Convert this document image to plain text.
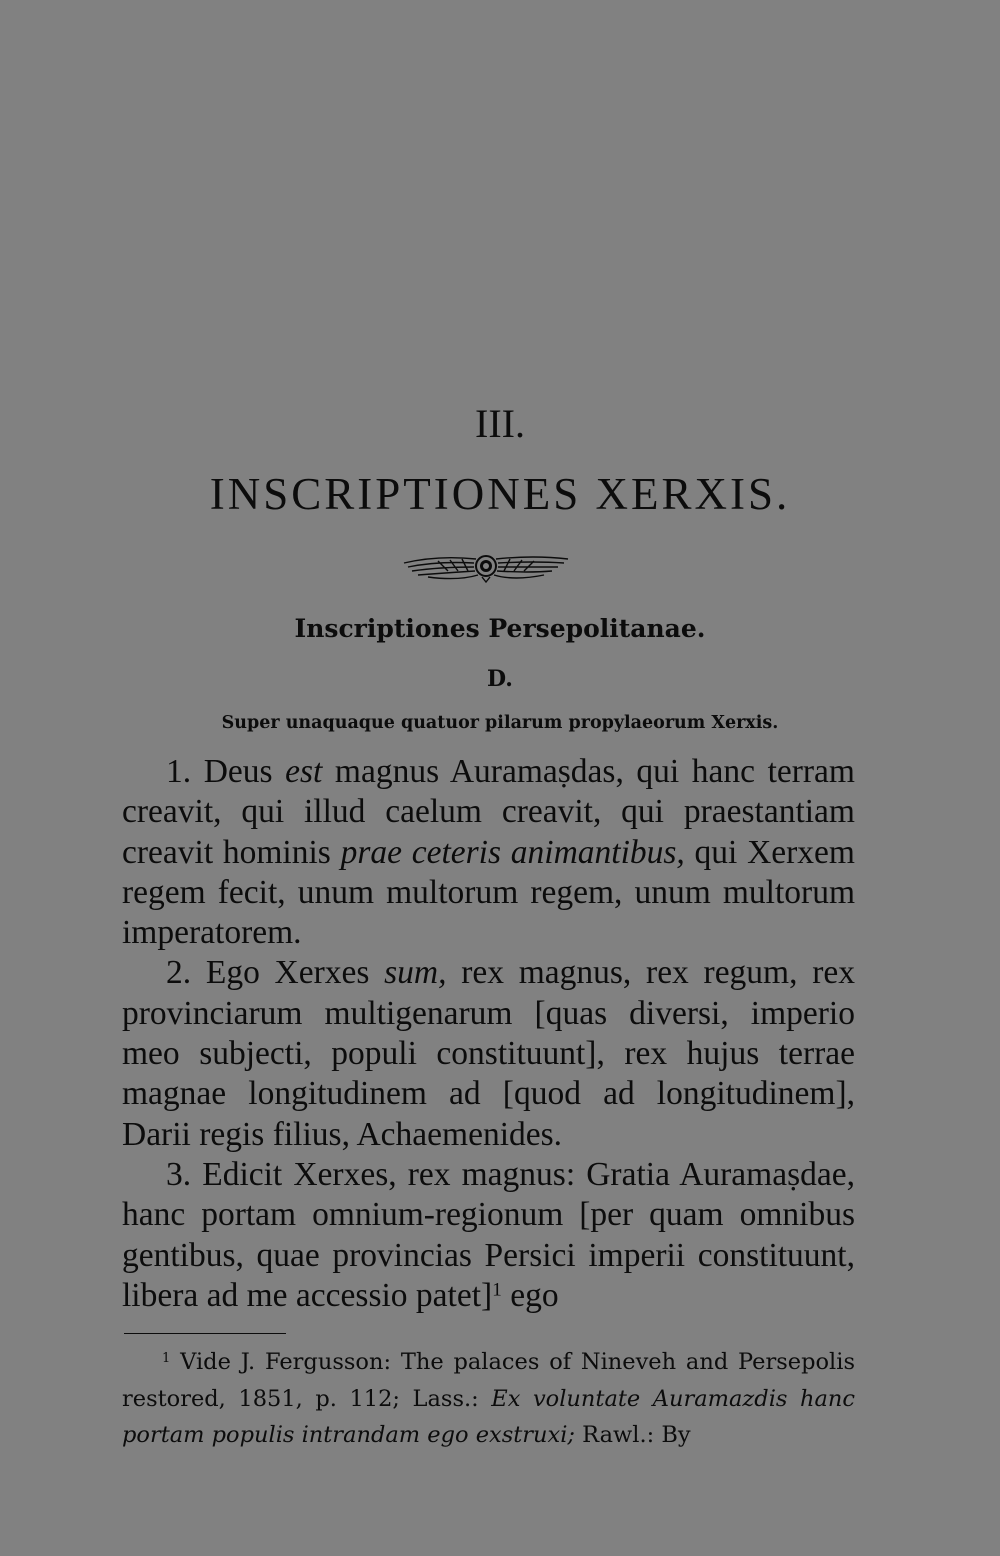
III.
INSCRIPTIONES XERXIS.
Inscriptiones Persepolitanae.
D.
Super unaquaque quatuor pilarum propylaeorum Xerxis.

1. Deus est magnus Auramaṣdas, qui hanc terram creavit, qui illud caelum creavit, qui praestantiam creavit hominis prae ceteris animantibus, qui Xerxem regem fecit, unum multorum regem, unum multorum imperatorem.

2. Ego Xerxes sum, rex magnus, rex regum, rex provinciarum multigenarum [quas diversi, imperio meo subjecti, populi constituunt], rex hujus terrae magnae longitudinem ad [quod ad longitudinem], Darii regis filius, Achaemenides.

3. Edicit Xerxes, rex magnus: Gratia Auramaṣdae, hanc portam omnium-regionum [per quam omnibus gentibus, quae provincias Persici imperii constituunt, libera ad me accessio patet]$^1$ ego

$^1$ Vide J. Fergusson: The palaces of Nineveh and Persepolis restored, 1851, p. 112; Lass.: Ex voluntate Auramazdis hanc portam populis intrandam ego exstruxi; Rawl.: By
